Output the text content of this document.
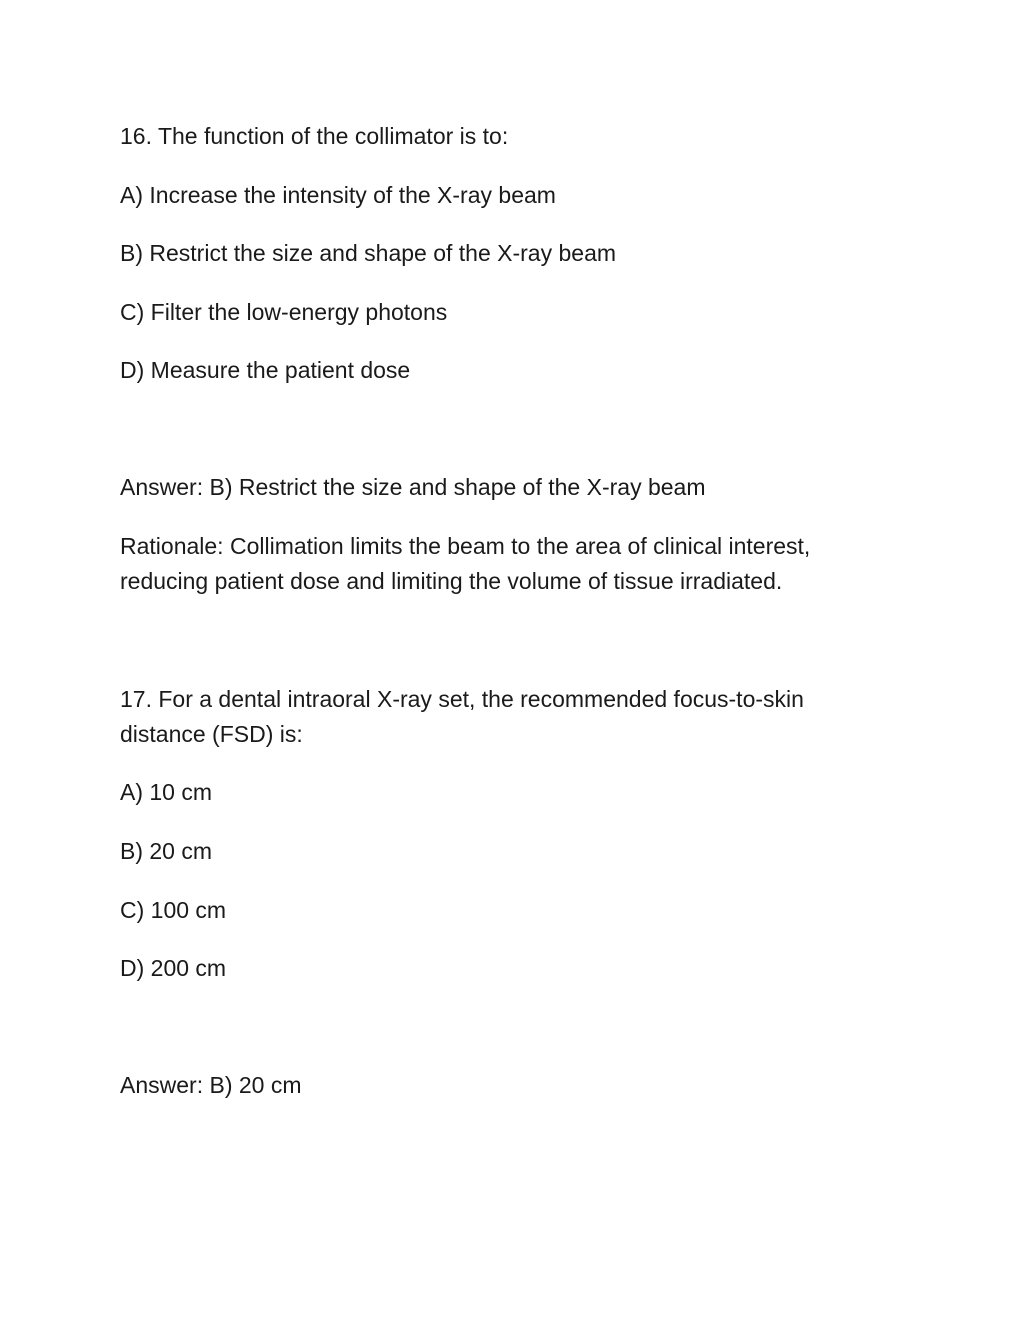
16. The function of the collimator is to:
A) Increase the intensity of the X-ray beam
B) Restrict the size and shape of the X-ray beam
C) Filter the low-energy photons
D) Measure the patient dose
Answer: B) Restrict the size and shape of the X-ray beam
Rationale: Collimation limits the beam to the area of clinical interest,
reducing patient dose and limiting the volume of tissue irradiated.
17. For a dental intraoral X-ray set, the recommended focus-to-skin
distance (FSD) is:
A) 10 cm
B) 20 cm
C) 100 cm
D) 200 cm
Answer: B) 20 cm
